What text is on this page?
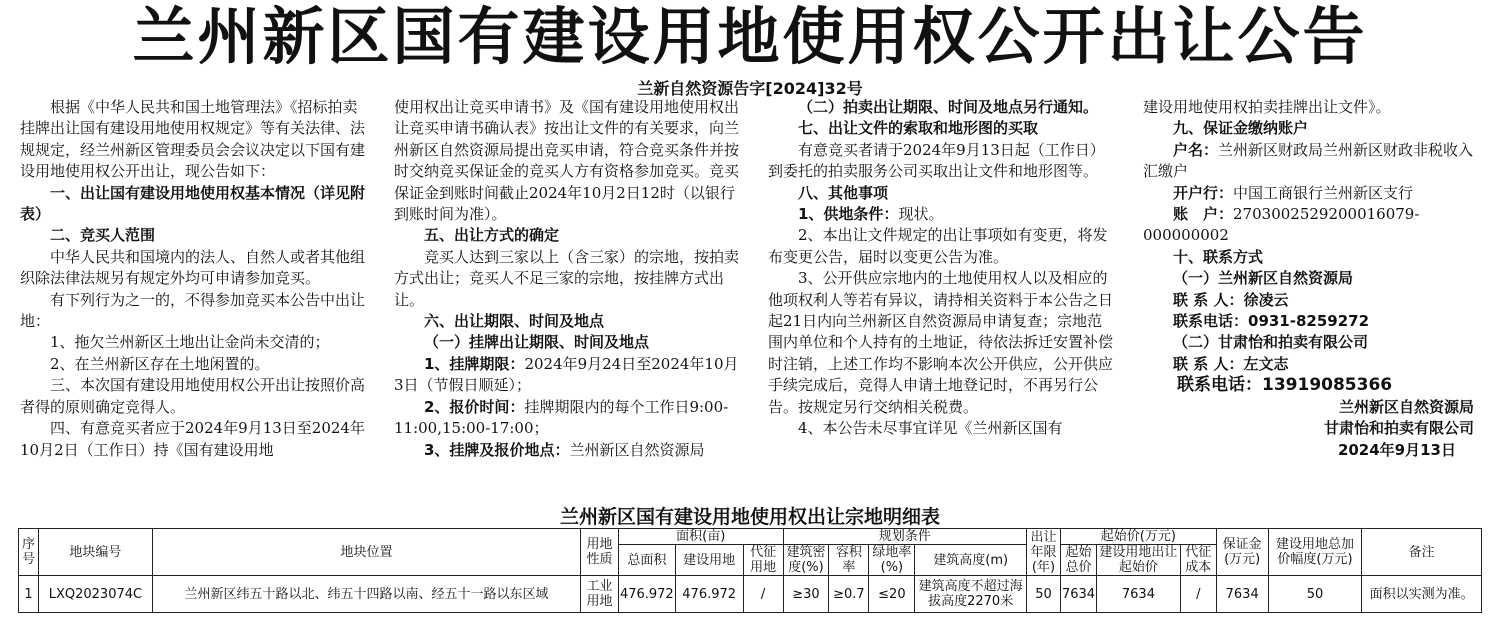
兰州新区国有建设用地使用权公开出让公告
兰新自然资源告字[2024]32号

根据《中华人民共和国土地管理法》《招标拍卖挂牌出让国有建设用地使用权规定》等有关法律、法规规定，经兰州新区管理委员会会议决定以下国有建设用地使用权公开出让，现公告如下：

一、出让国有建设用地使用权基本情况（详见附表）

二、竞买人范围

中华人民共和国境内的法人、自然人或者其他组织除法律法规另有规定外均可申请参加竞买。

有下列行为之一的，不得参加竞买本公告中出让地：

1、拖欠兰州新区土地出让金尚未交清的；

2、在兰州新区存在土地闲置的。

三、本次国有建设用地使用权公开出让按照价高者得的原则确定竞得人。

四、有意竞买者应于2024年9月13日至2024年10月2日（工作日）持《国有建设用地

使用权出让竞买申请书》及《国有建设用地使用权出让竞买申请书确认表》按出让文件的有关要求，向兰州新区自然资源局提出竞买申请，符合竞买条件并按时交纳竞买保证金的竞买人方有资格参加竞买。竞买保证金到账时间截止2024年10月2日12时（以银行到账时间为准）。

五、出让方式的确定

竞买人达到三家以上（含三家）的宗地，按拍卖方式出让；竞买人不足三家的宗地，按挂牌方式出让。

六、出让期限、时间及地点

（一）挂牌出让期限、时间及地点

1、挂牌期限：2024年9月24日至2024年10月3日（节假日顺延）；

2、报价时间：挂牌期限内的每个工作日9:00-11:00,15:00-17:00；

3、挂牌及报价地点：兰州新区自然资源局

（二）拍卖出让期限、时间及地点另行通知。

七、出让文件的索取和地形图的买取

有意竞买者请于2024年9月13日起（工作日）到委托的拍卖服务公司买取出让文件和地形图等。

八、其他事项

1、供地条件：现状。

2、本出让文件规定的出让事项如有变更，将发布变更公告，届时以变更公告为准。

3、公开供应宗地内的土地使用权人以及相应的他项权利人等若有异议，请持相关资料于本公告之日起21日内向兰州新区自然资源局申请复查；宗地范围内单位和个人持有的土地证，待依法拆迁安置补偿时注销，上述工作均不影响本次公开供应，公开供应手续完成后，竞得人申请土地登记时，不再另行公告。按规定另行交纳相关税费。

4、本公告未尽事宜详见《兰州新区国有

建设用地使用权拍卖挂牌出让文件》。

九、保证金缴纳账户

户名：兰州新区财政局兰州新区财政非税收入汇缴户

开户行：中国工商银行兰州新区支行

账　户：2703002529200016079-000000002

十、联系方式

（一）兰州新区自然资源局

联 系 人：徐凌云

联系电话：0931-8259272

（二）甘肃怡和拍卖有限公司

联 系 人：左文志

联系电话：13919085366

兰州新区自然资源局

甘肃怡和拍卖有限公司

2024年9月13日

兰州新区国有建设用地使用权出让宗地明细表
序号	地块编号	地块位置	用地性质	面积(亩)			规划条件				出让年限(年)	起始价(万元)			保证金(万元)	建设用地总加价幅度(万元)	备注
				总面积	建设用地	代征用地	建筑密度(%)	容积率	绿地率(%)	建筑高度(m)		起始总价	建设用地出让起始价	代征成本			
1	LXQ2023074C	兰州新区纬五十路以北、纬五十四路以南、经五十一路以东区域	工业用地	476.972	476.972	/	≥30	≥0.7	≤20	建筑高度不超过海拔高度2270米	50	7634	7634	/	7634	50	面积以实测为准。
